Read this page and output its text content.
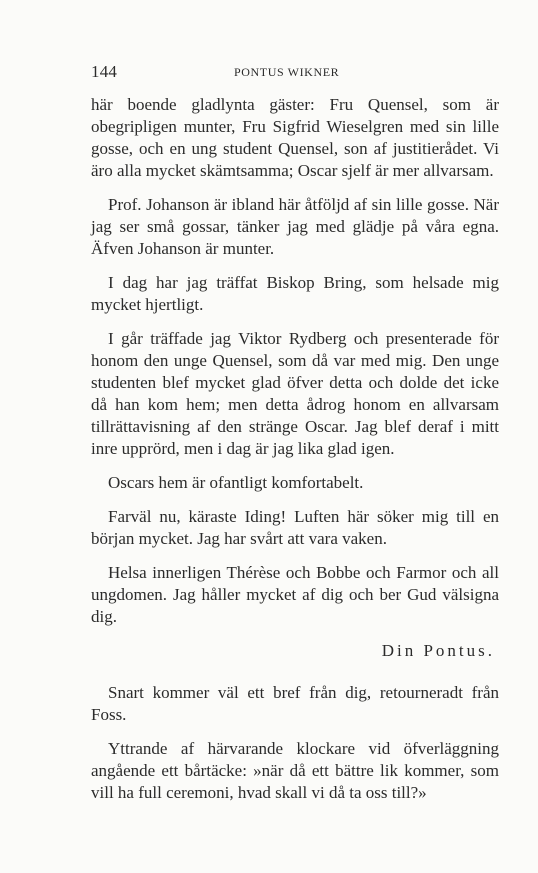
144	PONTUS WIKNER

här boende gladlynta gäster: Fru Quensel, som är obegripligen munter, Fru Sigfrid Wieselgren med sin lille gosse, och en ung student Quensel, son af justitierådet. Vi äro alla mycket skämtsamma; Oscar sjelf är mer allvarsam.

Prof. Johanson är ibland här åtföljd af sin lille gosse. När jag ser små gossar, tänker jag med glädje på våra egna. Äfven Johanson är munter.

I dag har jag träffat Biskop Bring, som helsade mig mycket hjertligt.

I går träffade jag Viktor Rydberg och presenterade för honom den unge Quensel, som då var med mig. Den unge studenten blef mycket glad öfver detta och dolde det icke då han kom hem; men detta ådrog honom en allvarsam tillrättavisning af den stränge Oscar. Jag blef deraf i mitt inre upprörd, men i dag är jag lika glad igen.

Oscars hem är ofantligt komfortabelt.

Farväl nu, käraste Iding! Luften här söker mig till en början mycket. Jag har svårt att vara vaken.

Helsa innerligen Thérèse och Bobbe och Farmor och all ungdomen. Jag håller mycket af dig och ber Gud välsigna dig.

Din Pontus.

Snart kommer väl ett bref från dig, retourneradt från Foss.

Yttrande af härvarande klockare vid öfverläggning angående ett bårtäcke: »när då ett bättre lik kommer, som vill ha full ceremoni, hvad skall vi då ta oss till?»
